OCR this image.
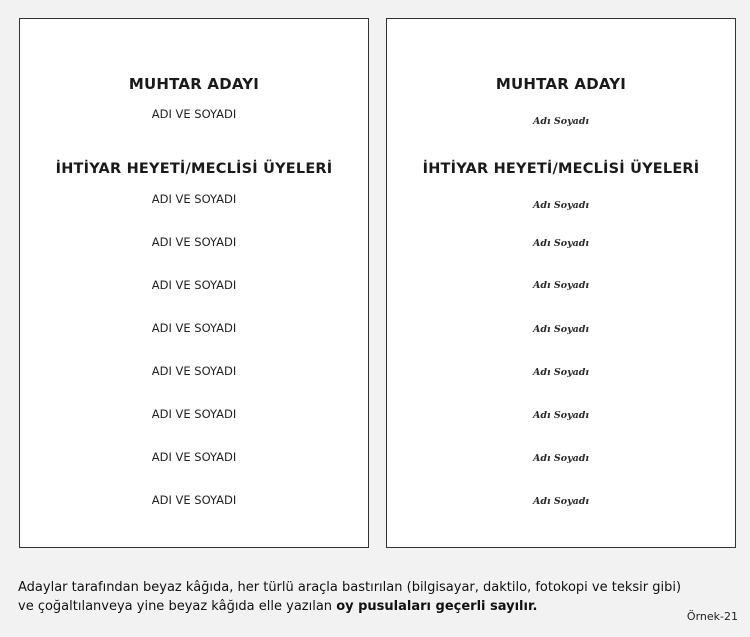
MUHTAR ADAYI
ADI VE SOYADI
İHTİYAR HEYETİ/MECLİSİ ÜYELERİ
ADI VE SOYADI
ADI VE SOYADI
ADI VE SOYADI
ADI VE SOYADI
ADI VE SOYADI
ADI VE SOYADI
ADI VE SOYADI
ADI VE SOYADI
MUHTAR ADAYI
Adı Soyadı
İHTİYAR HEYETİ/MECLİSİ ÜYELERİ
Adı Soyadı
Adı Soyadı
Adı Soyadı
Adı Soyadı
Adı Soyadı
Adı Soyadı
Adı Soyadı
Adı Soyadı
Adaylar tarafından beyaz kâğıda, her türlü araçla bastırılan (bilgisayar, daktilo, fotokopi ve teksir gibi)
ve çoğaltılanveya yine beyaz kâğıda elle yazılan oy pusulaları geçerli sayılır.
Örnek-21
